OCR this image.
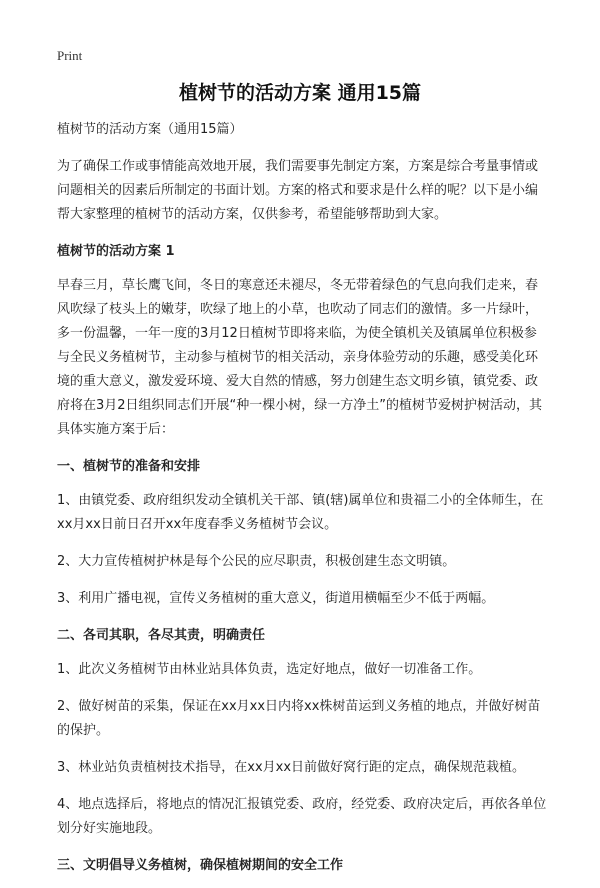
Print
植树节的活动方案 通用15篇

植树节的活动方案（通用15篇）

为了确保工作或事情能高效地开展，我们需要事先制定方案，方案是综合考量事情或问题相关的因素后所制定的书面计划。方案的格式和要求是什么样的呢？以下是小编帮大家整理的植树节的活动方案，仅供参考，希望能够帮助到大家。

植树节的活动方案 1

早春三月，草长鹰飞间，冬日的寒意还未褪尽，冬无带着绿色的气息向我们走来，春风吹绿了枝头上的嫩芽，吹绿了地上的小草，也吹动了同志们的激情。多一片绿叶，多一份温馨，一年一度的3月12日植树节即将来临，为使全镇机关及镇属单位积极参与全民义务植树节，主动参与植树节的相关活动，亲身体验劳动的乐趣，感受美化环境的重大意义，激发爱环境、爱大自然的情感，努力创建生态文明乡镇，镇党委、政府将在3月2日组织同志们开展“种一棵小树，绿一方净土”的植树节爱树护树活动，其具体实施方案于后：

一、植树节的准备和安排

1、由镇党委、政府组织发动全镇机关干部、镇(辖)属单位和贵福二小的全体师生，在xx月xx日前日召开xx年度春季义务植树节会议。

2、大力宣传植树护林是每个公民的应尽职责，积极创建生态文明镇。

3、利用广播电视，宣传义务植树的重大意义，街道用横幅至少不低于两幅。

二、各司其职，各尽其责，明确责任

1、此次义务植树节由林业站具体负责，选定好地点，做好一切准备工作。

2、做好树苗的采集，保证在xx月xx日内将xx株树苗运到义务植的地点，并做好树苗的保护。

3、林业站负责植树技术指导，在xx月xx日前做好窝行距的定点，确保规范栽植。

4、地点选择后，将地点的情况汇报镇党委、政府，经党委、政府决定后，再依各单位划分好实施地段。

三、文明倡导义务植树，确保植树期间的安全工作
